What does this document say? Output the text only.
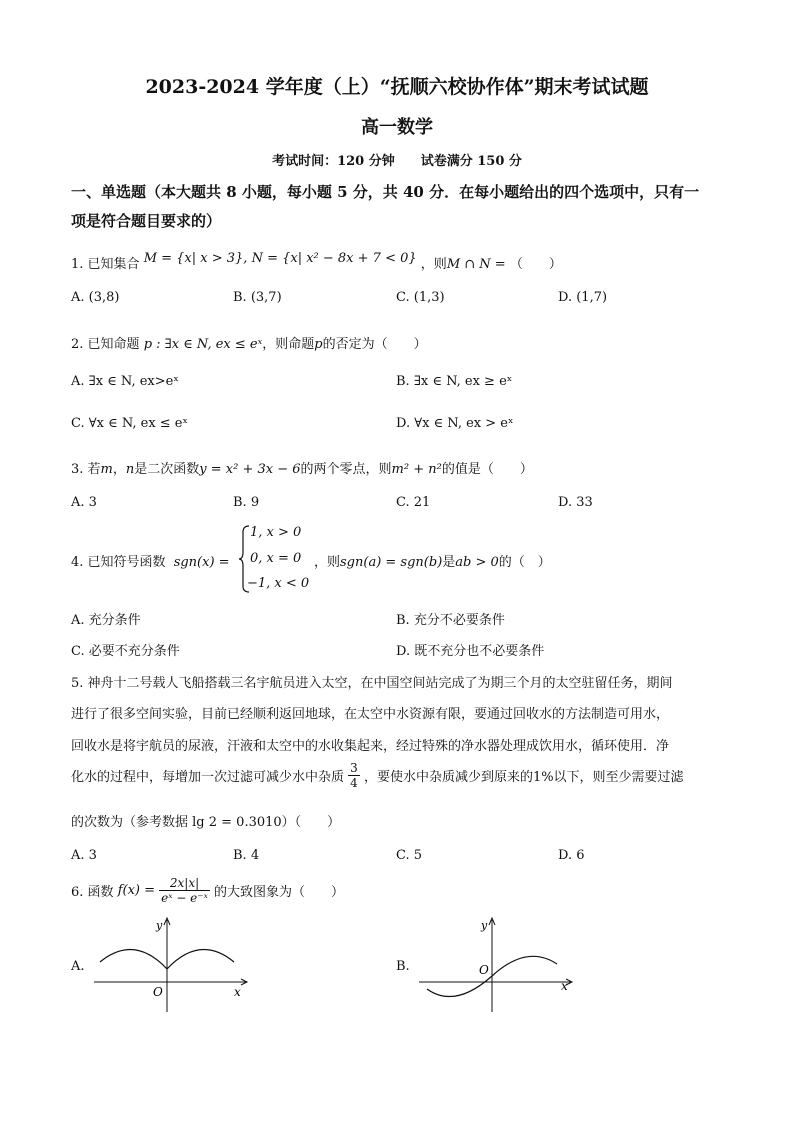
2023-2024 学年度（上）“抚顺六校协作体”期末考试试题
高一数学
考试时间：120 分钟　　试卷满分 150 分
一、单选题（本大题共 8 小题，每小题 5 分，共 40 分．在每小题给出的四个选项中，只有一
项是符合题目要求的）
1. 已知集合 M = {x| x > 3}, N = {x| x² − 8x + 7 < 0} ，则M ∩ N = （　　）
A. (3,8)	B. (3,7)	C. (1,3)	D. (1,7)
2. 已知命题 p : ∃x ∈ N, ex ≤ eˣ，则命题p的否定为（　　）
A. ∃x ∈ N, ex>eˣ	B. ∃x ∈ N, ex ≥ eˣ
C. ∀x ∈ N, ex ≤ eˣ	D. ∀x ∈ N, ex > eˣ
3. 若m，n是二次函数y = x² + 3x − 6的两个零点，则m² + n²的值是（　　）
A. 3	B. 9	C. 21	D. 33
4. 已知符号函数 sgn(x) =
1, x > 0
0, x = 0
−1, x < 0
，则sgn(a) = sgn(b)是ab > 0的（　）
A. 充分条件	B. 充分不必要条件
C. 必要不充分条件	D. 既不充分也不必要条件
5. 神舟十二号载人飞船搭载三名宇航员进入太空，在中国空间站完成了为期三个月的太空驻留任务，期间
进行了很多空间实验，目前已经顺利返回地球，在太空中水资源有限，要通过回收水的方法制造可用水，
回收水是将宇航员的尿液，汗液和太空中的水收集起来，经过特殊的净水器处理成饮用水，循环使用．净
化水的过程中，每增加一次过滤可减少水中杂质 $\frac{3}{4}$ ，要使水中杂质减少到原来的1%以下，则至少需要过滤
的次数为（参考数据 lg 2 = 0.3010）（　　）
A. 3	B. 4	C. 5	D. 6
6. 函数 $f(x) = \frac{2x|x|}{\text{eˣ − e⁻ˣ}}$ 的大致图象为（　　）
A.
y
x
O
B.
y
x
O
